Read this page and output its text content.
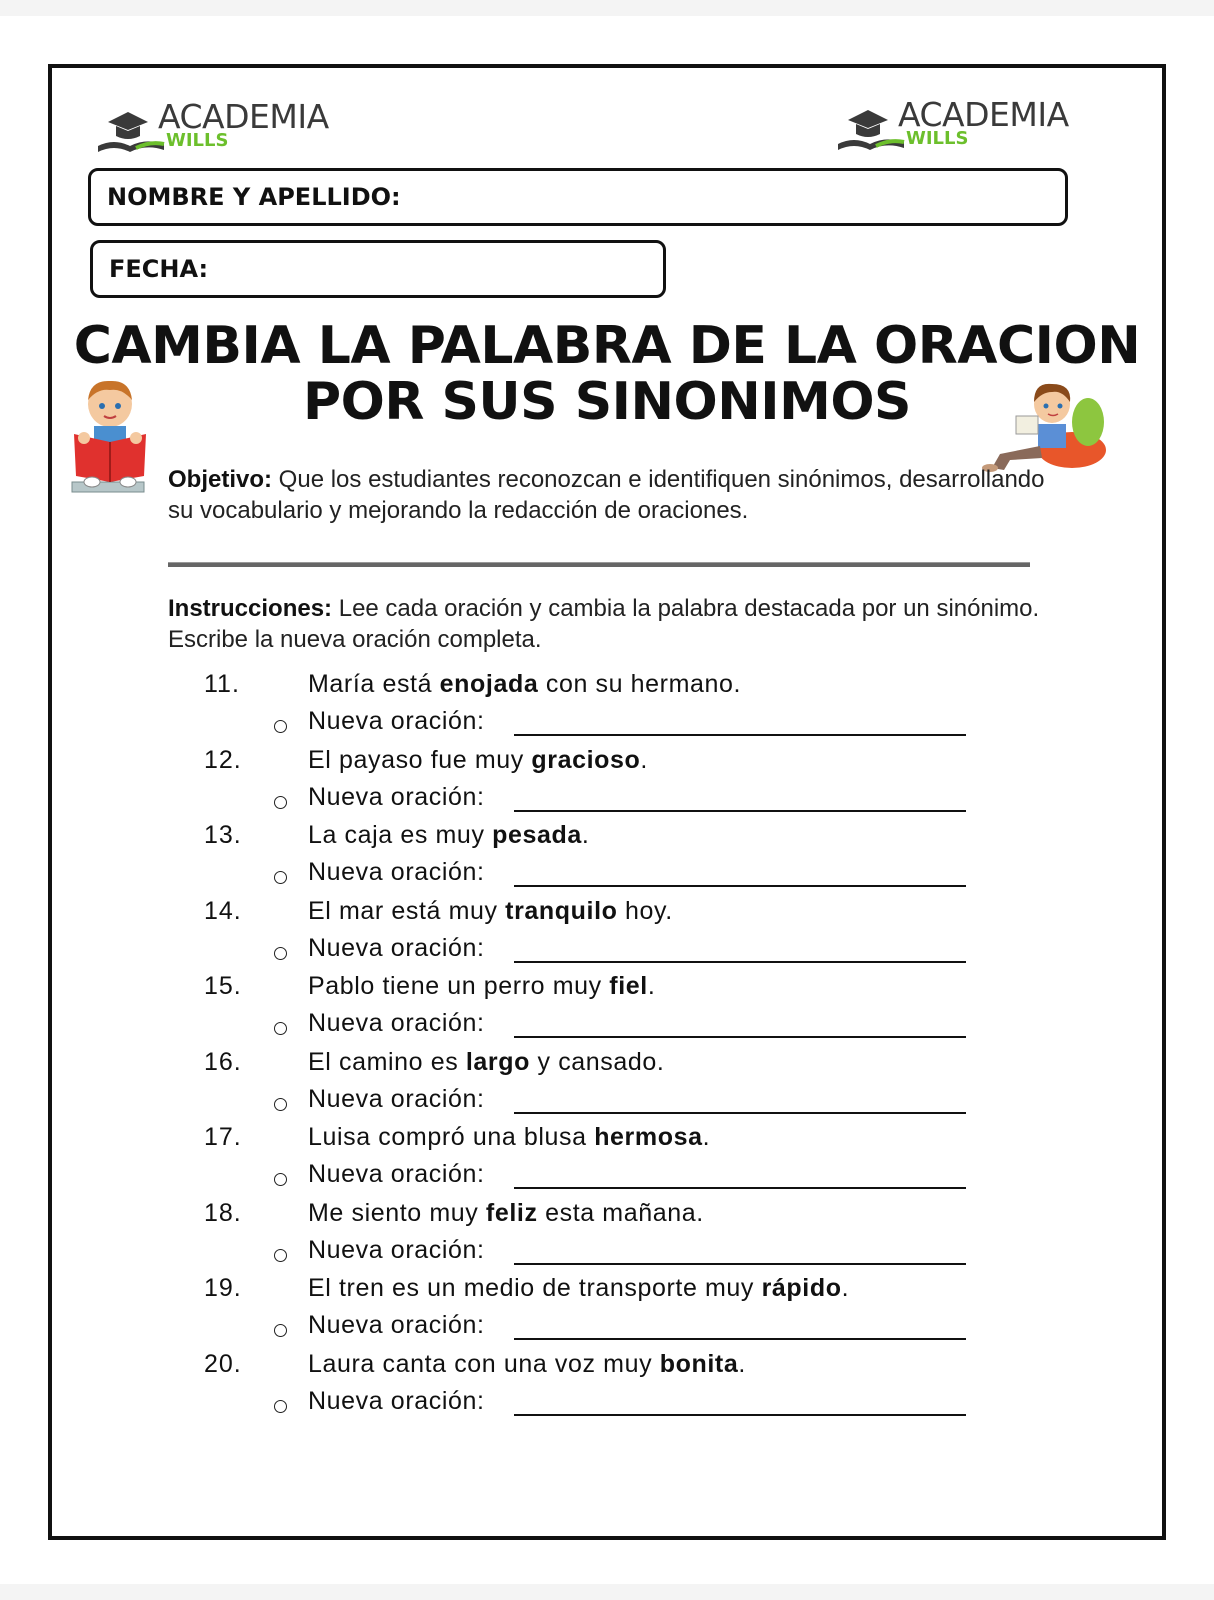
ACADEMIA
WILLS
ACADEMIA
WILLS
NOMBRE Y APELLIDO:
FECHA:
CAMBIA LA PALABRA DE LA ORACION
POR SUS SINONIMOS

Objetivo: Que los estudiantes reconozcan e identifiquen sinónimos, desarrollando su vocabulario y mejorando la redacción de oraciones.

Instrucciones: Lee cada oración y cambia la palabra destacada por un sinónimo. Escribe la nueva oración completa.

11.	María está enojada con su hermano.
Nueva oración:
12.	El payaso fue muy gracioso.
Nueva oración:
13.	La caja es muy pesada.
Nueva oración:
14.	El mar está muy tranquilo hoy.
Nueva oración:
15.	Pablo tiene un perro muy fiel.
Nueva oración:
16.	El camino es largo y cansado.
Nueva oración:
17.	Luisa compró una blusa hermosa.
Nueva oración:
18.	Me siento muy feliz esta mañana.
Nueva oración:
19.	El tren es un medio de transporte muy rápido.
Nueva oración:
20.	Laura canta con una voz muy bonita.
Nueva oración:
